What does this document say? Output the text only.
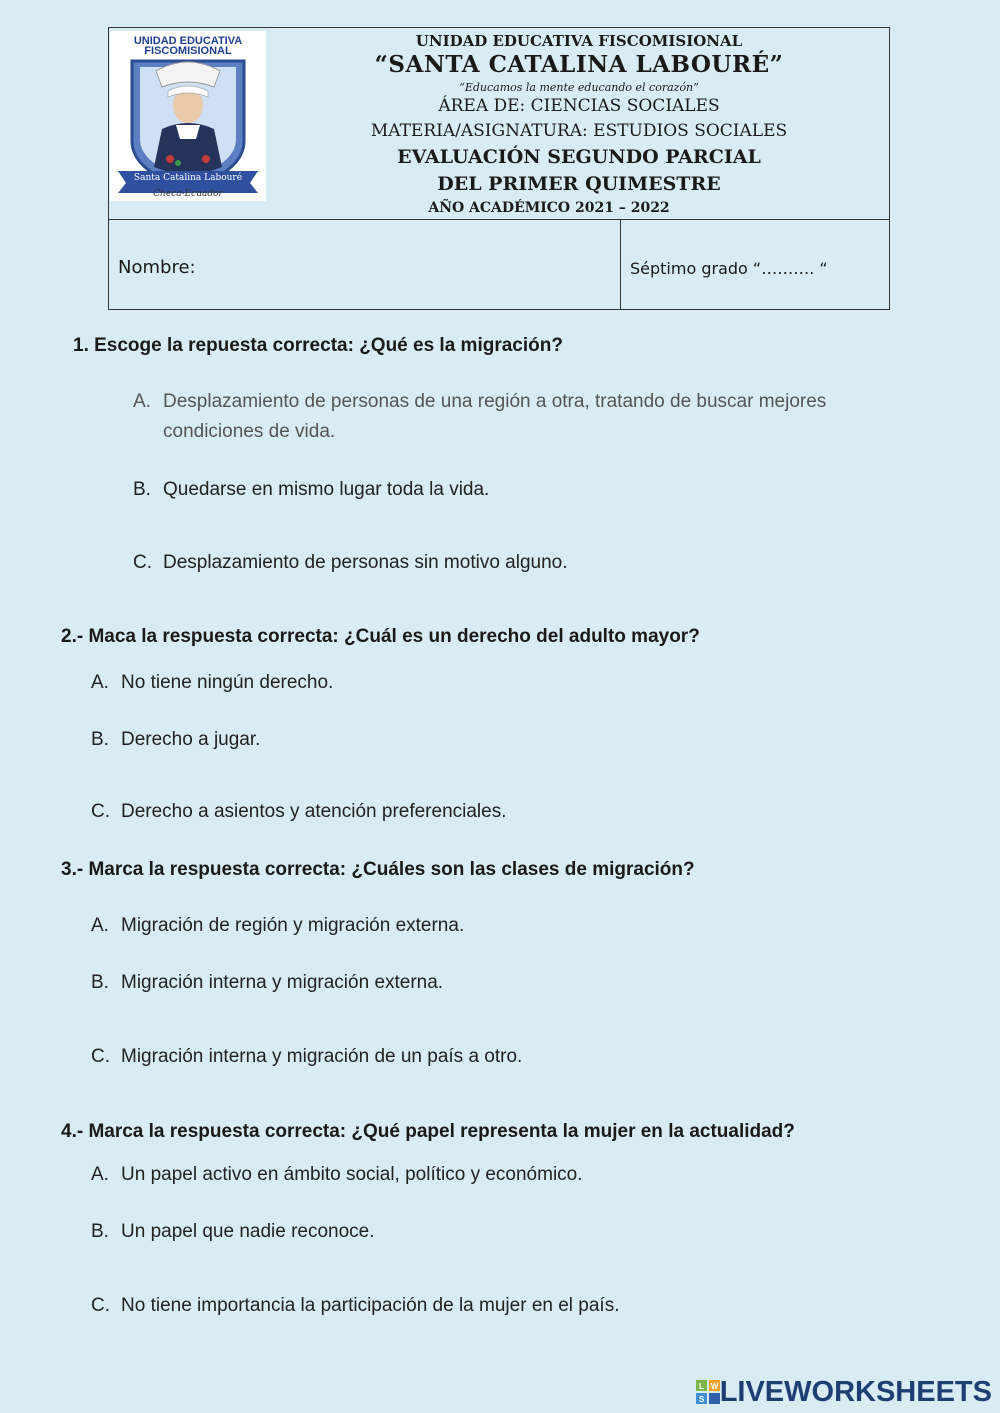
UNIDAD EDUCATIVA
FISCOMISIONAL
Santa Catalina Labouré
Checa-Ecuador
UNIDAD EDUCATIVA FISCOMISIONAL
“SANTA CATALINA LABOURÉ”
“Educamos la mente educando el corazón”
ÁREA DE: CIENCIAS SOCIALES
MATERIA/ASIGNATURA: ESTUDIOS SOCIALES
EVALUACIÓN SEGUNDO PARCIAL
DEL PRIMER QUIMESTRE
AÑO ACADÉMICO 2021 – 2022
Nombre:	Séptimo grado “………. “
1. Escoge la repuesta correcta: ¿Qué es la migración?
A. Desplazamiento de personas de una región a otra, tratando de buscar mejores condiciones de vida.
B. Quedarse en mismo lugar toda la vida.
C. Desplazamiento de personas sin motivo alguno.
2.- Maca la respuesta correcta: ¿Cuál es un derecho del adulto mayor?
A. No tiene ningún derecho.
B. Derecho a jugar.
C. Derecho a asientos y atención preferenciales.
3.- Marca la respuesta correcta: ¿Cuáles son las clases de migración?
A. Migración de región y migración externa.
B. Migración interna y migración externa.
C. Migración interna y migración de un país a otro.
4.- Marca la respuesta correcta: ¿Qué papel representa la mujer en la actualidad?
A. Un papel activo en ámbito social, político y económico.
B. Un papel que nadie reconoce.
C. No tiene importancia la participación de la mujer en el país.
L W
S LIVEWORKSHEETS
